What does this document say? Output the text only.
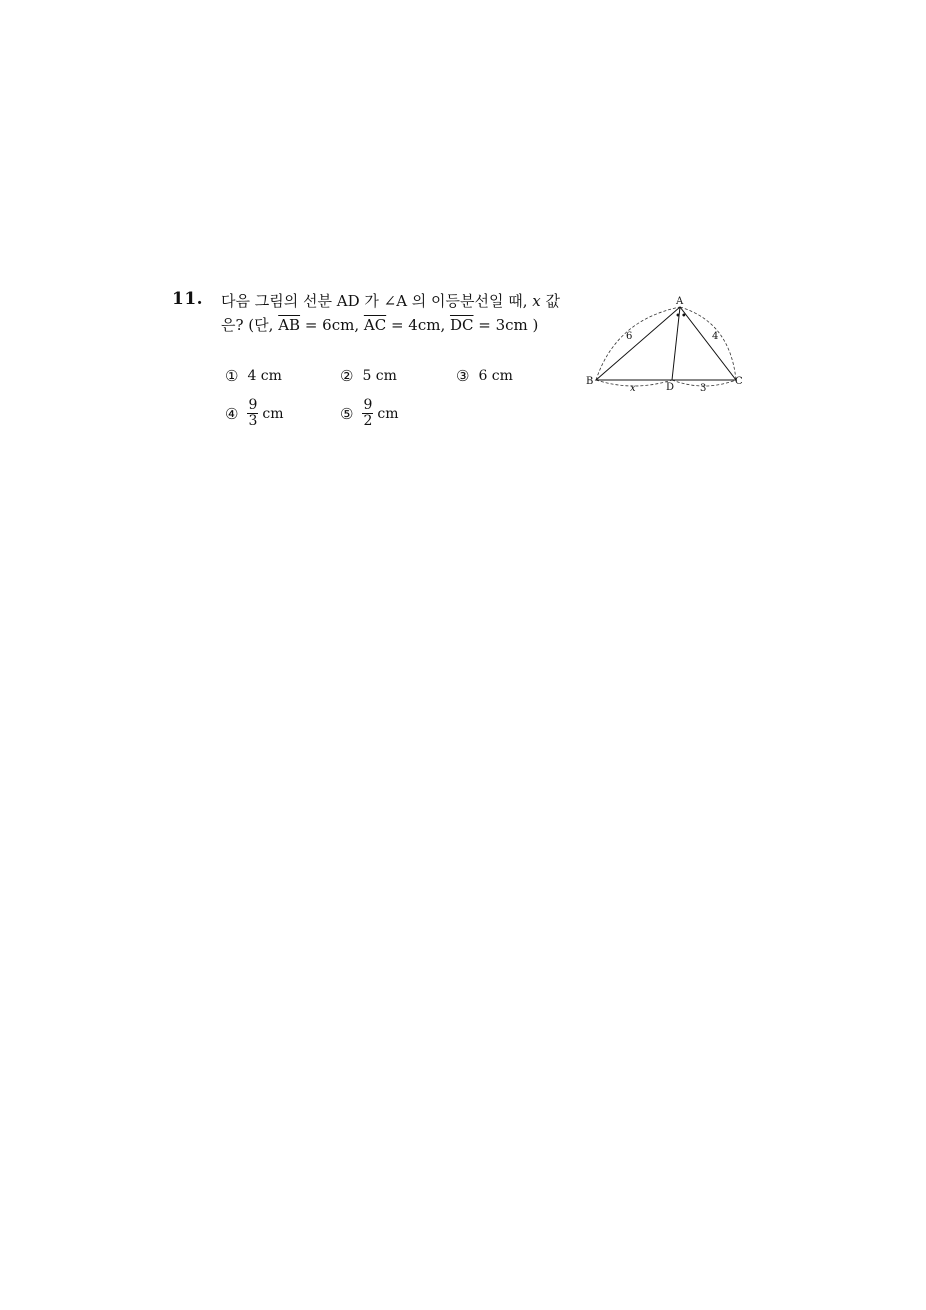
11. 다음 그림의 선분 AD 가 ∠A 의 이등분선일 때, x 값
은? (단, $\overline{AB} = 6cm$, $\overline{AC} = 4cm$, $\overline{DC} = 3cm$ )
① 4 cm	② 5 cm	③ 6 cm
④ $\frac{9}{3}$ cm	⑤ $\frac{9}{2}$ cm
••
A
B	C
D
6	4
x	3
